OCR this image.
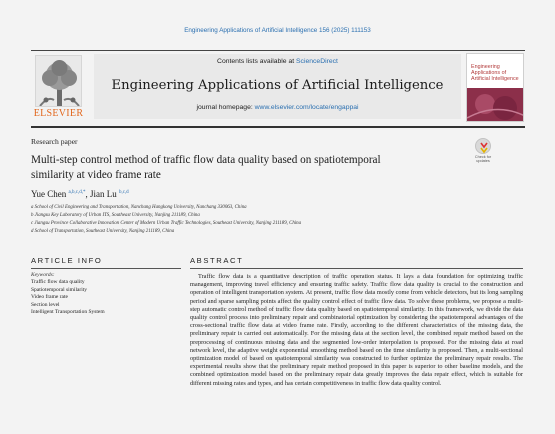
Engineering Applications of Artificial Intelligence 156 (2025) 111153
ELSEVIER
Contents lists available at ScienceDirect
Engineering Applications of Artificial Intelligence
journal homepage: www.elsevier.com/locate/engappai
Engineering Applications of Artificial Intelligence
Research paper
Multi-step control method of traffic flow data quality based on spatiotemporal similarity at video frame rate
Check for updates
Yue Chen $^{a,b,c,d,*}$, Jian Lu $^{b,c,d}$
a School of Civil Engineering and Transportation, Nanchang Hangkong University, Nanchang 330063, China
b Jiangsu Key Laboratory of Urban ITS, Southeast University, Nanjing 211189, China
c Jiangsu Province Collaborative Innovation Center of Modern Urban Traffic Technologies, Southeast University, Nanjing 211189, China
d School of Transportation, Southeast University, Nanjing 211189, China
ARTICLE INFO	ABSTRACT
Keywords:
Traffic flow data quality
Spatiotemporal similarity
Video frame rate
Section level
Intelligent Transportation System
Traffic flow data is a quantitative description of traffic operation status. It lays a data foundation for optimizing traffic management, improving travel efficiency and ensuring traffic safety. Traffic flow data quality is crucial to the construction and operation of intelligent transportation system. At present, traffic flow data mostly come from vehicle detectors, but its long sampling period and sparse sampling points affect the quality control effect of traffic flow data. To solve these problems, we propose a multi-step automatic control method of traffic flow data quality based on spatiotemporal similarity. In this framework, we divide the data quality control process into preliminary repair and combinatorial optimization by considering the spatiotemporal advantages of the cross-sectional traffic flow data at video frame rate. Firstly, according to the different characteristics of the missing data, the preliminary repair is carried out automatically. For the missing data at the section level, the combined repair method based on the preprocessing of continuous missing data and the segmented low-order interpolation is proposed. For the missing data at road network level, the adaptive weight exponential smoothing method based on the time similarity is proposed. Then, a multi-sectional optimization model of based on spatiotemporal similarity was constructed to further optimize the preliminary repair results. The experimental results show that the preliminary repair method proposed in this paper is superior to other baseline models, and the combined optimization model based on the preliminary repair data greatly improves the data repair effect, which is suitable for different missing rates and types, and has certain competitiveness in traffic flow data quality control.
